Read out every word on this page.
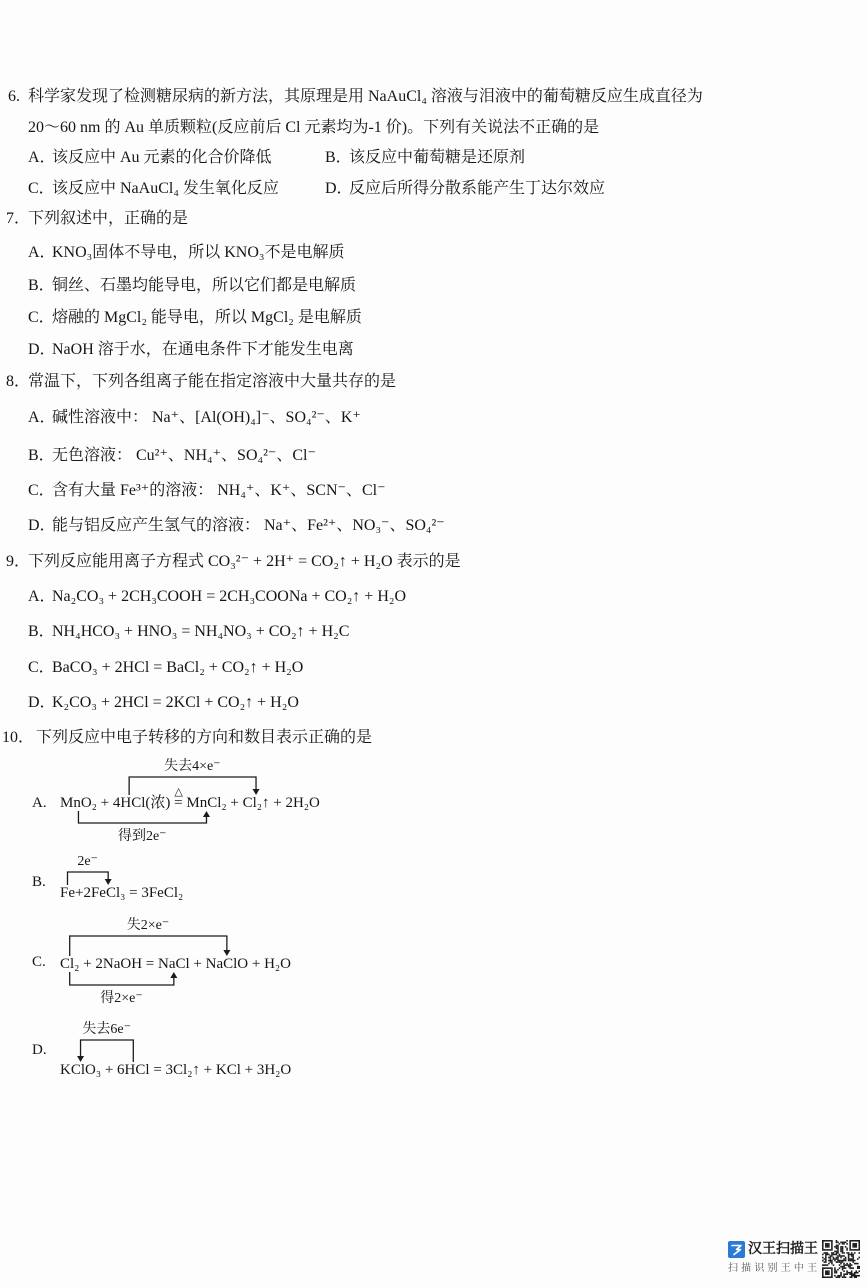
6. 科学家发现了检测糖尿病的新方法，其原理是用 NaAuCl₄ 溶液与泪液中的葡萄糖反应生成直径为
20～60 nm 的 Au 单质颗粒(反应前后 Cl 元素均为-1 价)。下列有关说法不正确的是
A．该反应中 Au 元素的化合价降低	B．该反应中葡萄糖是还原剂
C．该反应中 NaAuCl₄ 发生氧化反应	D．反应后所得分散系能产生丁达尔效应
7．
下列叙述中，正确的是
A．KNO₃固体不导电，所以 KNO₃不是电解质
B．铜丝、石墨均能导电，所以它们都是电解质
C．熔融的 MgCl₂ 能导电，所以 MgCl₂ 是电解质
D．NaOH 溶于水，在通电条件下才能发生电离
8．
常温下，下列各组离子能在指定溶液中大量共存的是
A．碱性溶液中： Na⁺、[Al(OH)₄]⁻、SO₄²⁻、K⁺
B．无色溶液： Cu²⁺、NH₄⁺、SO₄²⁻、Cl⁻
C．含有大量 Fe³⁺的溶液： NH₄⁺、K⁺、SCN⁻、Cl⁻
D．能与铝反应产生氢气的溶液： Na⁺、Fe²⁺、NO₃⁻、SO₄²⁻
9．
下列反应能用离子方程式 CO₃²⁻ + 2H⁺ = CO₂↑ + H₂O 表示的是
A．Na₂CO₃ + 2CH₃COOH = 2CH₃COONa + CO₂↑ + H₂O
B．NH₄HCO₃ + HNO₃ = NH₄NO₃ + CO₂↑ + H₂C
C．BaCO₃ + 2HCl = BaCl₂ + CO₂↑ + H₂O
D．K₂CO₃ + 2HCl = 2KCl + CO₂↑ + H₂O
10． 下列反应中电子转移的方向和数目表示正确的是
A. MnO₂ + 4HCl(浓) = MnCl₂ + Cl₂↑ + 2H₂O
△
失去4×e⁻
得到2e⁻
B.
Fe+2FeCl₃ = 3FeCl₂
2e⁻
C. Cl₂ + 2NaOH = NaCl + NaClO + H₂O
失2×e⁻
得2×e⁻
D.
KClO₃ + 6HCl = 3Cl₂↑ + KCl + 3H₂O
失去6e⁻
汉王扫描王
扫 描 识 别 王 中 王
